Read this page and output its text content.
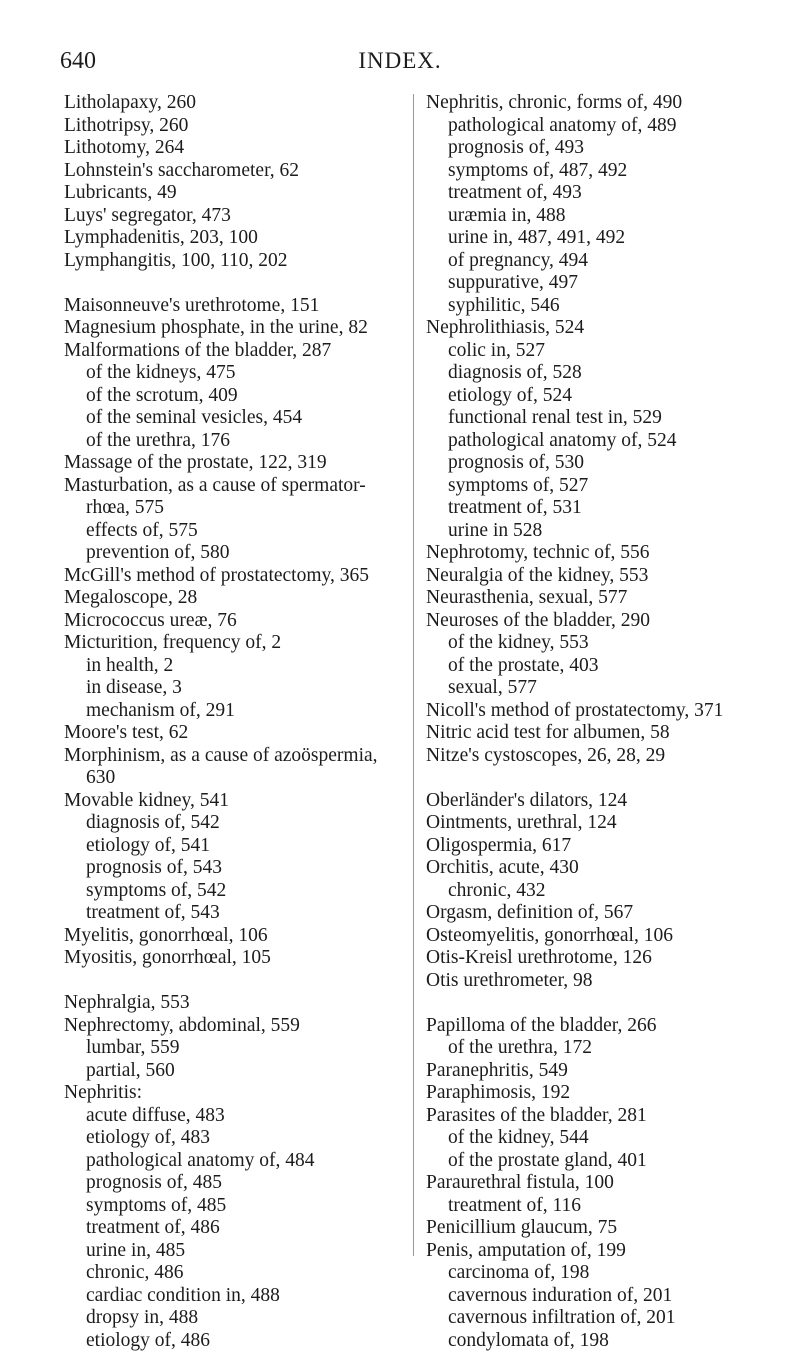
640	INDEX.
Litholapaxy, 260
Lithotripsy, 260
Lithotomy, 264
Lohnstein's saccharometer, 62
Lubricants, 49
Luys' segregator, 473
Lymphadenitis, 203, 100
Lymphangitis, 100, 110, 202
Maisonneuve's urethrotome, 151
Magnesium phosphate, in the urine, 82
Malformations of the bladder, 287
of the kidneys, 475
of the scrotum, 409
of the seminal vesicles, 454
of the urethra, 176
Massage of the prostate, 122, 319
Masturbation, as a cause of spermator-
rhœa, 575
effects of, 575
prevention of, 580
McGill's method of prostatectomy, 365
Megaloscope, 28
Micrococcus ureæ, 76
Micturition, frequency of, 2
in health, 2
in disease, 3
mechanism of, 291
Moore's test, 62
Morphinism, as a cause of azoöspermia,
630
Movable kidney, 541
diagnosis of, 542
etiology of, 541
prognosis of, 543
symptoms of, 542
treatment of, 543
Myelitis, gonorrhœal, 106
Myositis, gonorrhœal, 105
Nephralgia, 553
Nephrectomy, abdominal, 559
lumbar, 559
partial, 560
Nephritis:
acute diffuse, 483
etiology of, 483
pathological anatomy of, 484
prognosis of, 485
symptoms of, 485
treatment of, 486
urine in, 485
chronic, 486
cardiac condition in, 488
dropsy in, 488
etiology of, 486
Nephritis, chronic, forms of, 490
pathological anatomy of, 489
prognosis of, 493
symptoms of, 487, 492
treatment of, 493
uræmia in, 488
urine in, 487, 491, 492
of pregnancy, 494
suppurative, 497
syphilitic, 546
Nephrolithiasis, 524
colic in, 527
diagnosis of, 528
etiology of, 524
functional renal test in, 529
pathological anatomy of, 524
prognosis of, 530
symptoms of, 527
treatment of, 531
urine in 528
Nephrotomy, technic of, 556
Neuralgia of the kidney, 553
Neurasthenia, sexual, 577
Neuroses of the bladder, 290
of the kidney, 553
of the prostate, 403
sexual, 577
Nicoll's method of prostatectomy, 371
Nitric acid test for albumen, 58
Nitze's cystoscopes, 26, 28, 29
Oberländer's dilators, 124
Ointments, urethral, 124
Oligospermia, 617
Orchitis, acute, 430
chronic, 432
Orgasm, definition of, 567
Osteomyelitis, gonorrhœal, 106
Otis-Kreisl urethrotome, 126
Otis urethrometer, 98
Papilloma of the bladder, 266
of the urethra, 172
Paranephritis, 549
Paraphimosis, 192
Parasites of the bladder, 281
of the kidney, 544
of the prostate gland, 401
Paraurethral fistula, 100
treatment of, 116
Penicillium glaucum, 75
Penis, amputation of, 199
carcinoma of, 198
cavernous induration of, 201
cavernous infiltration of, 201
condylomata of, 198
